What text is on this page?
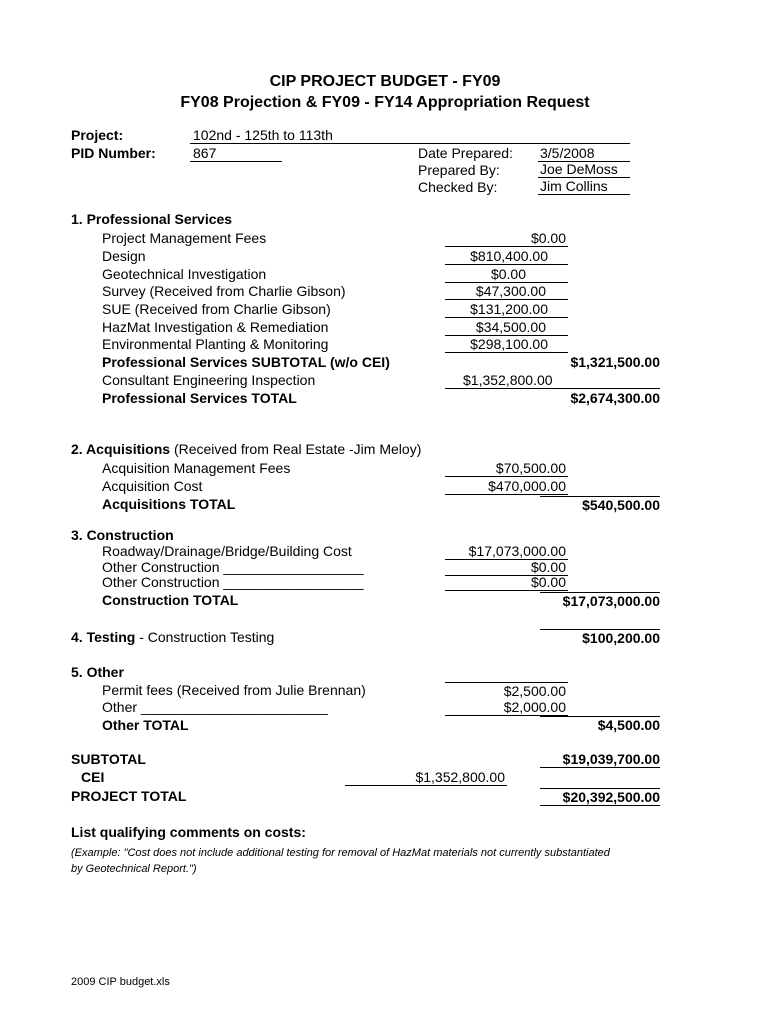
CIP PROJECT BUDGET - FY09
FY08 Projection & FY09 - FY14 Appropriation Request
Project:	102nd - 125th to 113th
PID Number:	867	Date Prepared: 3/5/2008
Prepared By:	Joe DeMoss
Checked By:	Jim Collins
1. Professional Services
Project Management Fees	$0.00
Design	$810,400.00
Geotechnical Investigation	$0.00
Survey (Received from Charlie Gibson)	$47,300.00
SUE (Received from Charlie Gibson)	$131,200.00
HazMat Investigation & Remediation	$34,500.00
Environmental Planting & Monitoring	$298,100.00
Professional Services SUBTOTAL (w/o CEI)	$1,321,500.00
Consultant Engineering Inspection	$1,352,800.00
Professional Services TOTAL	$2,674,300.00
2. Acquisitions (Received from Real Estate -Jim Meloy)
Acquisition Management Fees	$70,500.00
Acquisition Cost	$470,000.00
Acquisitions TOTAL	$540,500.00
3. Construction
Roadway/Drainage/Bridge/Building Cost	$17,073,000.00
Other Construction __________________	$0.00
Other Construction __________________	$0.00
Construction TOTAL	$17,073,000.00
4. Testing - Construction Testing	$100,200.00
5. Other
Permit fees (Received from Julie Brennan)	$2,500.00
Other ________________________	$2,000.00
Other TOTAL	$4,500.00
SUBTOTAL	$19,039,700.00
CEI	$1,352,800.00
PROJECT TOTAL	$20,392,500.00
List qualifying comments on costs:
(Example: "Cost does not include additional testing for removal of HazMat materials not currently substantiated
by Geotechnical Report.")
2009 CIP budget.xls
